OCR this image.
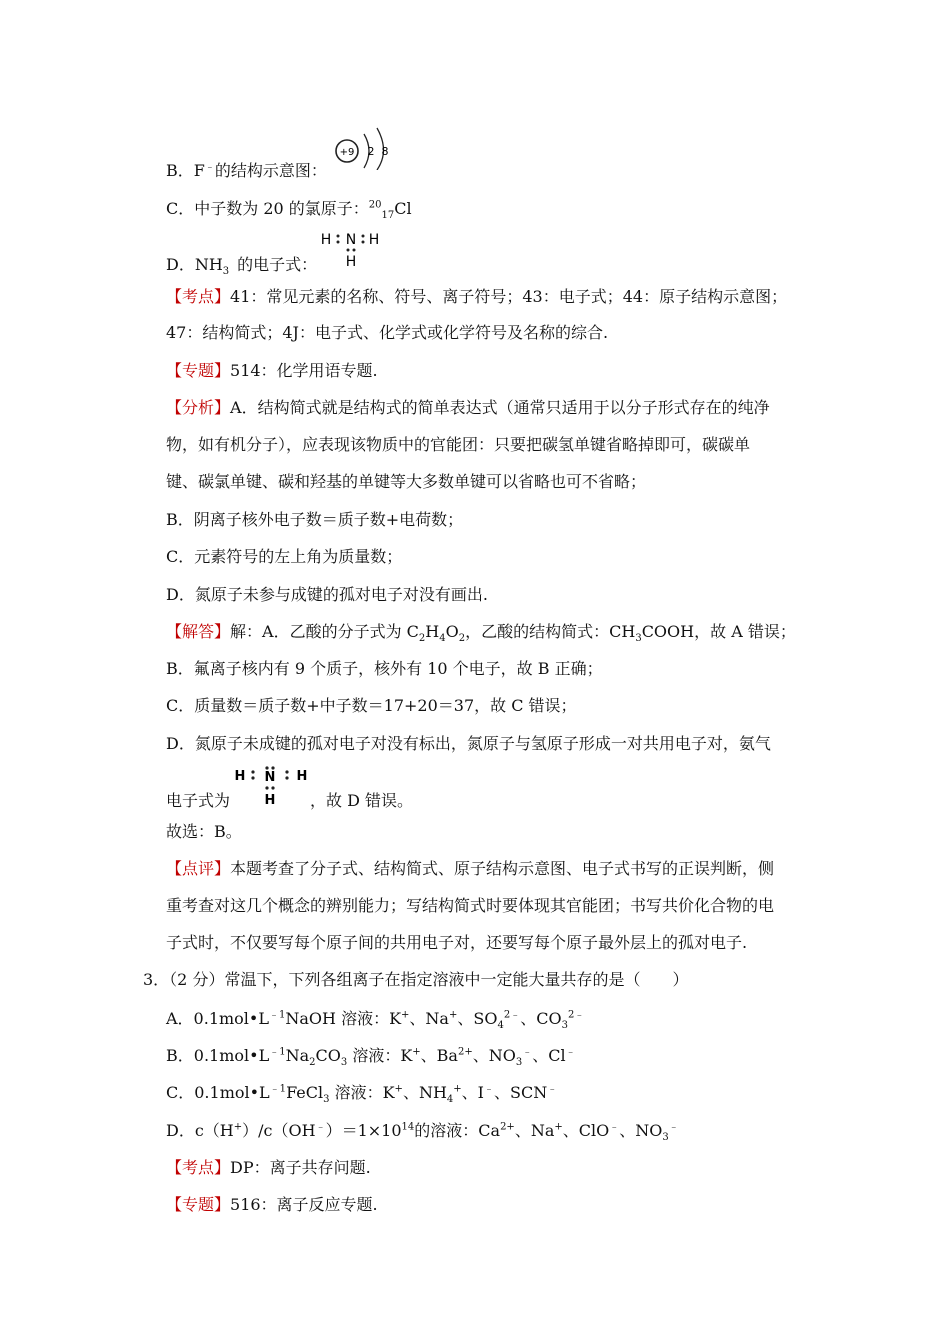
B．F﹣的结构示意图：
+9 2 8
C．中子数为 20 的氯原子：$^{20}_{17}$Cl
D．$NH_3$  的电子式：
H N H
H
【考点】41：常见元素的名称、符号、离子符号；43：电子式；44：原子结构示意图；
47：结构简式；4J：电子式、化学式或化学符号及名称的综合.
【专题】514：化学用语专题.
【分析】A．结构简式就是结构式的简单表达式（通常只适用于以分子形式存在的纯净
物，如有机分子），应表现该物质中的官能团：只要把碳氢单键省略掉即可，碳碳单
键、碳氯单键、碳和羟基的单键等大多数单键可以省略也可不省略；
B．阴离子核外电子数＝质子数+电荷数；
C．元素符号的左上角为质量数；
D．氮原子未参与成键的孤对电子对没有画出.
【解答】解：A．乙酸的分子式为 $C_2H_4O_2$，乙酸的结构简式：$CH_3COOH$，故 A 错误；
B．氟离子核内有 9 个质子，核外有 10 个电子，故 B 正确；
C．质量数＝质子数+中子数＝17+20＝37，故 C 错误；
D．氮原子未成键的孤对电子对没有标出，氮原子与氢原子形成一对共用电子对，氨气
电子式为	，故 D 错误。
H N H
H
故选：B。
【点评】本题考查了分子式、结构简式、原子结构示意图、电子式书写的正误判断，侧
重考查对这几个概念的辨别能力；写结构简式时要体现其官能团；书写共价化合物的电
子式时，不仅要写每个原子间的共用电子对，还要写每个原子最外层上的孤对电子.
3．（2 分）常温下，下列各组离子在指定溶液中一定能大量共存的是（　　）
A．$0.1mol•L^{﹣1}NaOH$ 溶液：K+、Na+、$SO_4^{2﹣}$、$CO_3^{2﹣}$
B．$0.1mol•L^{﹣1}Na_2CO_3$ 溶液：K+、$Ba^{2+}$、$NO_3^﹣$、Cl﹣
C．$0.1mol•L^{﹣1}FeCl_3$ 溶液：K+、$NH_4^+$、I﹣、SCN﹣
D．$c(H^+)/c(OH^﹣)=1\times 10^{14}$的溶液：$Ca^{2+}$、Na+、ClO﹣、$NO_3^﹣$
【考点】DP：离子共存问题.
【专题】516：离子反应专题.
